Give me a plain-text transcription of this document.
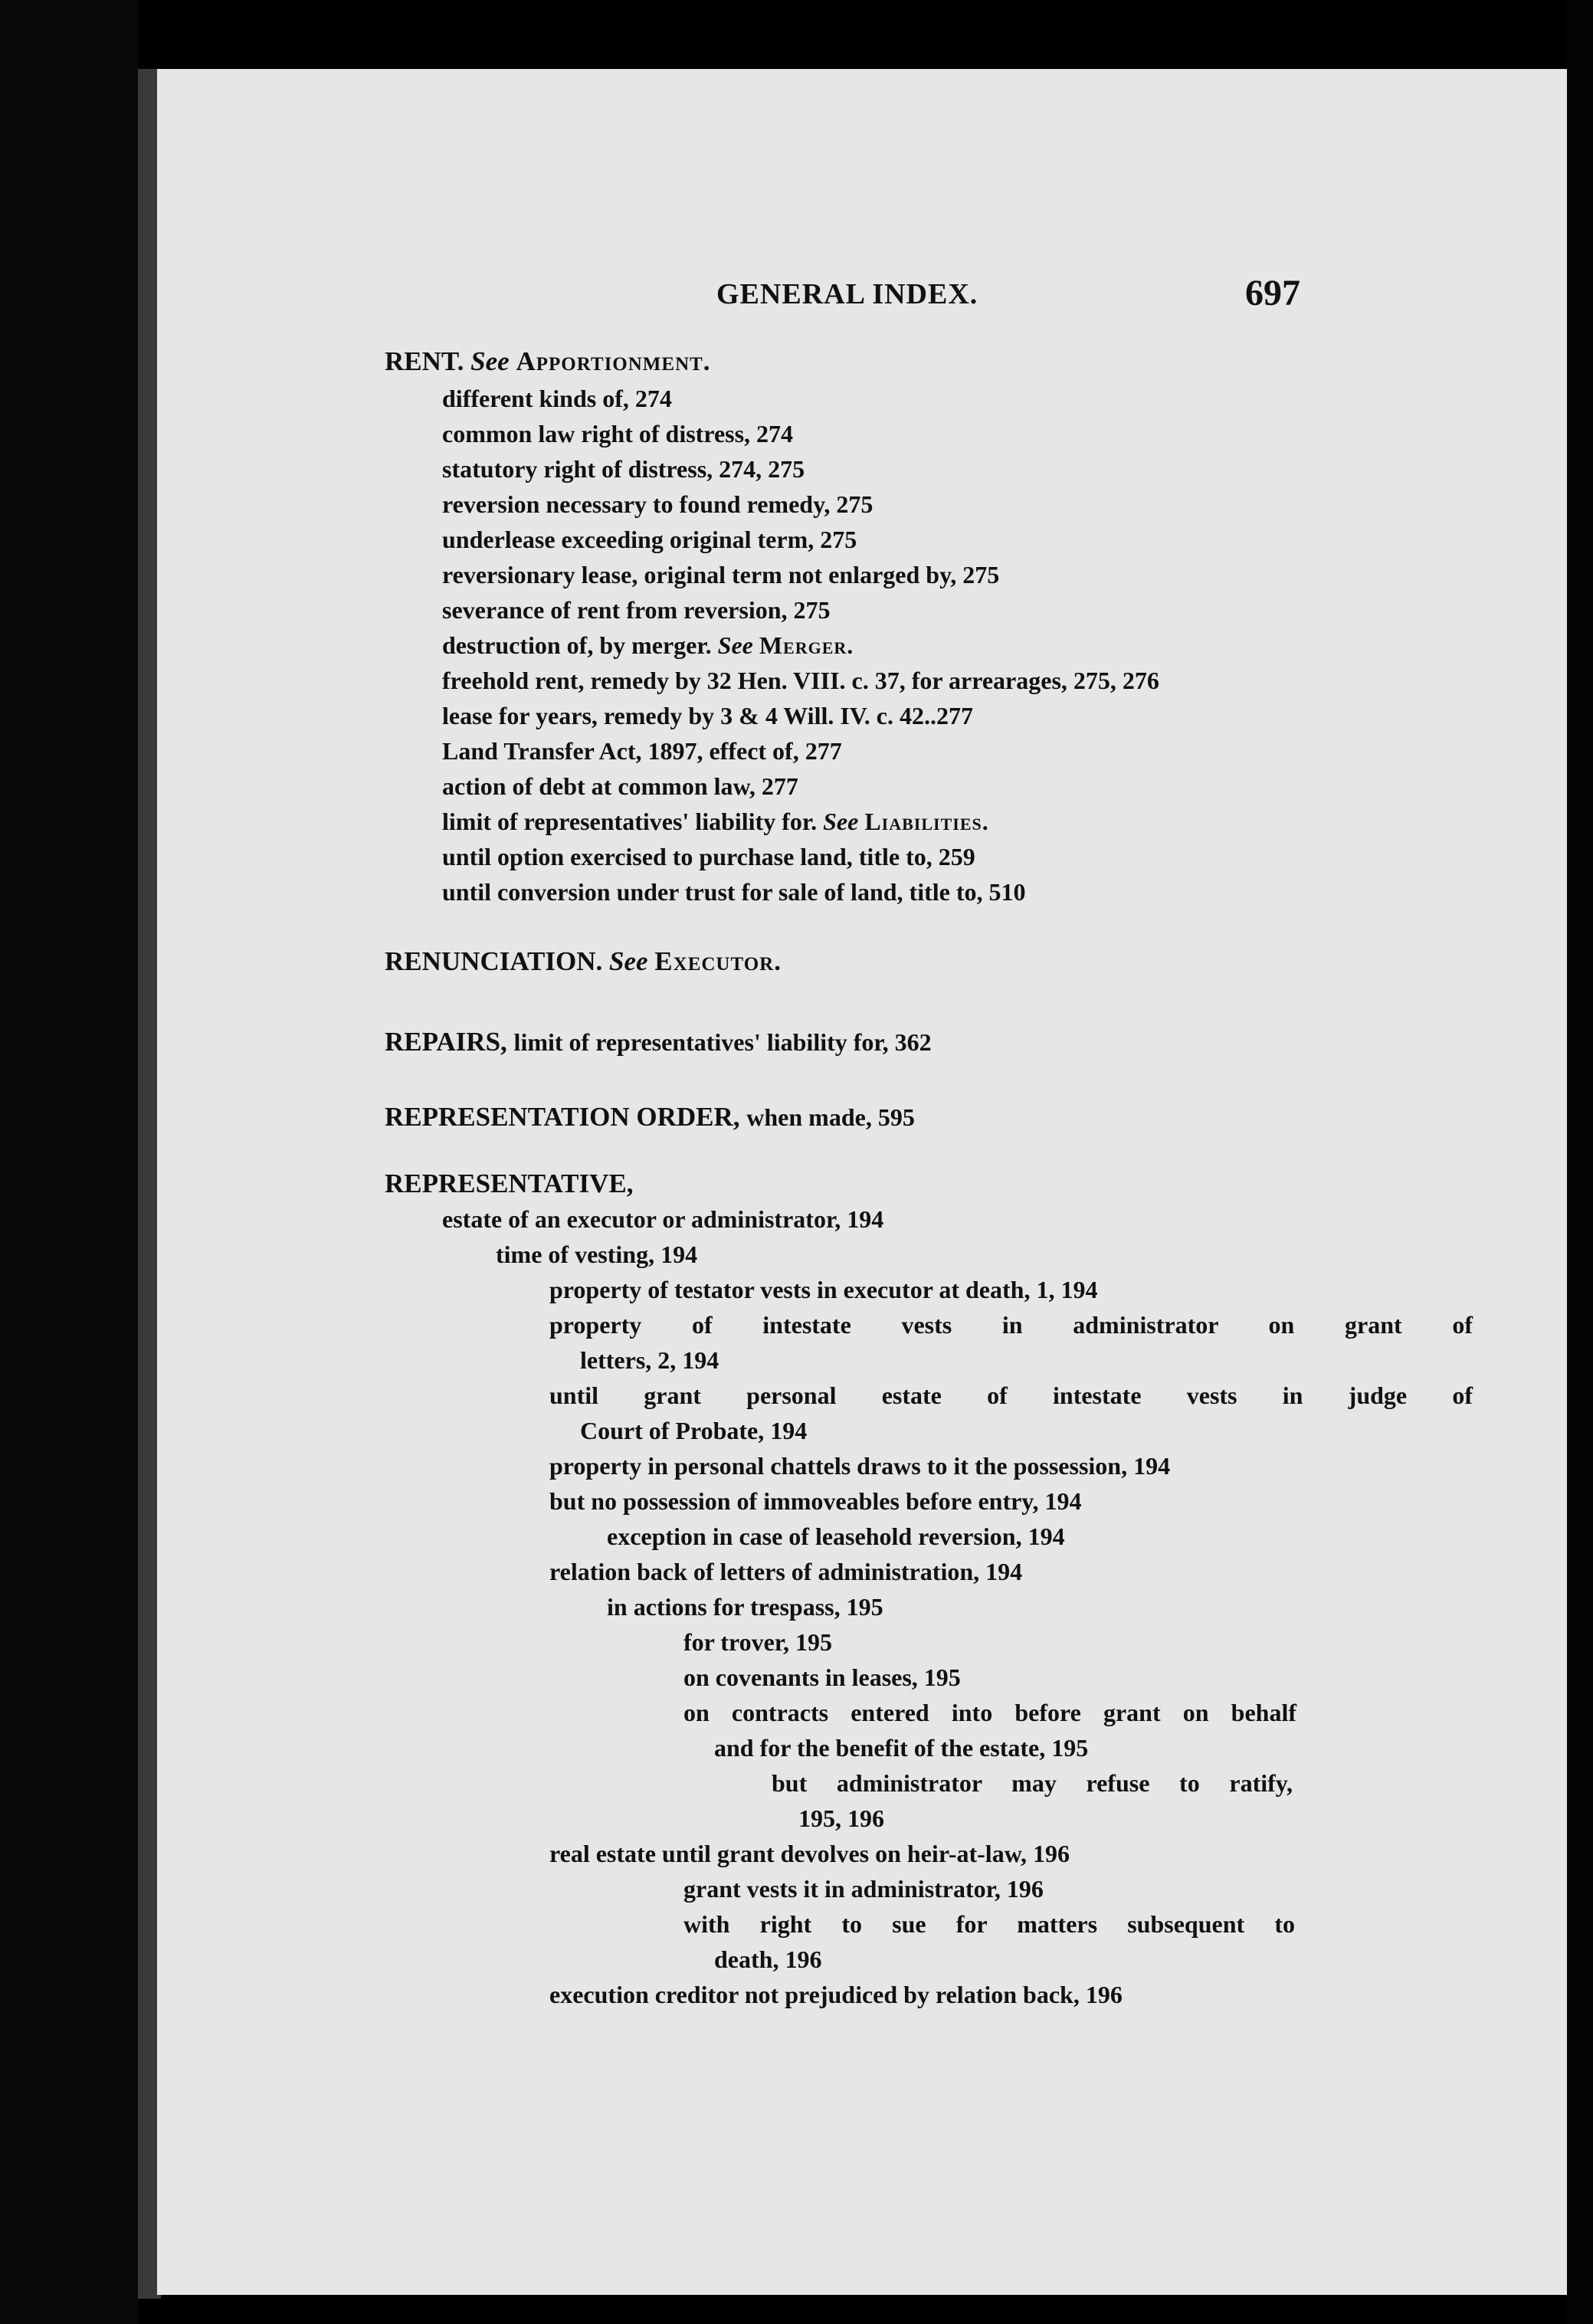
GENERAL INDEX.	697
RENT. See Apportionment.
different kinds of, 274
common law right of distress, 274
statutory right of distress, 274, 275
reversion necessary to found remedy, 275
underlease exceeding original term, 275
reversionary lease, original term not enlarged by, 275
severance of rent from reversion, 275
destruction of, by merger. See Merger.
freehold rent, remedy by 32 Hen. VIII. c. 37, for arrearages, 275, 276
lease for years, remedy by 3 & 4 Will. IV. c. 42..277
Land Transfer Act, 1897, effect of, 277
action of debt at common law, 277
limit of representatives' liability for. See Liabilities.
until option exercised to purchase land, title to, 259
until conversion under trust for sale of land, title to, 510
RENUNCIATION. See Executor.
REPAIRS, limit of representatives' liability for, 362
REPRESENTATION ORDER, when made, 595
REPRESENTATIVE,
estate of an executor or administrator, 194
time of vesting, 194
property of testator vests in executor at death, 1, 194
property of intestate vests in administrator on grant of
letters, 2, 194
until grant personal estate of intestate vests in judge of
Court of Probate, 194
property in personal chattels draws to it the possession, 194
but no possession of immoveables before entry, 194
exception in case of leasehold reversion, 194
relation back of letters of administration, 194
in actions for trespass, 195
for trover, 195
on covenants in leases, 195
on contracts entered into before grant on behalf
and for the benefit of the estate, 195
but administrator may refuse to ratify,
195, 196
real estate until grant devolves on heir-at-law, 196
grant vests it in administrator, 196
with right to sue for matters subsequent to
death, 196
execution creditor not prejudiced by relation back, 196
